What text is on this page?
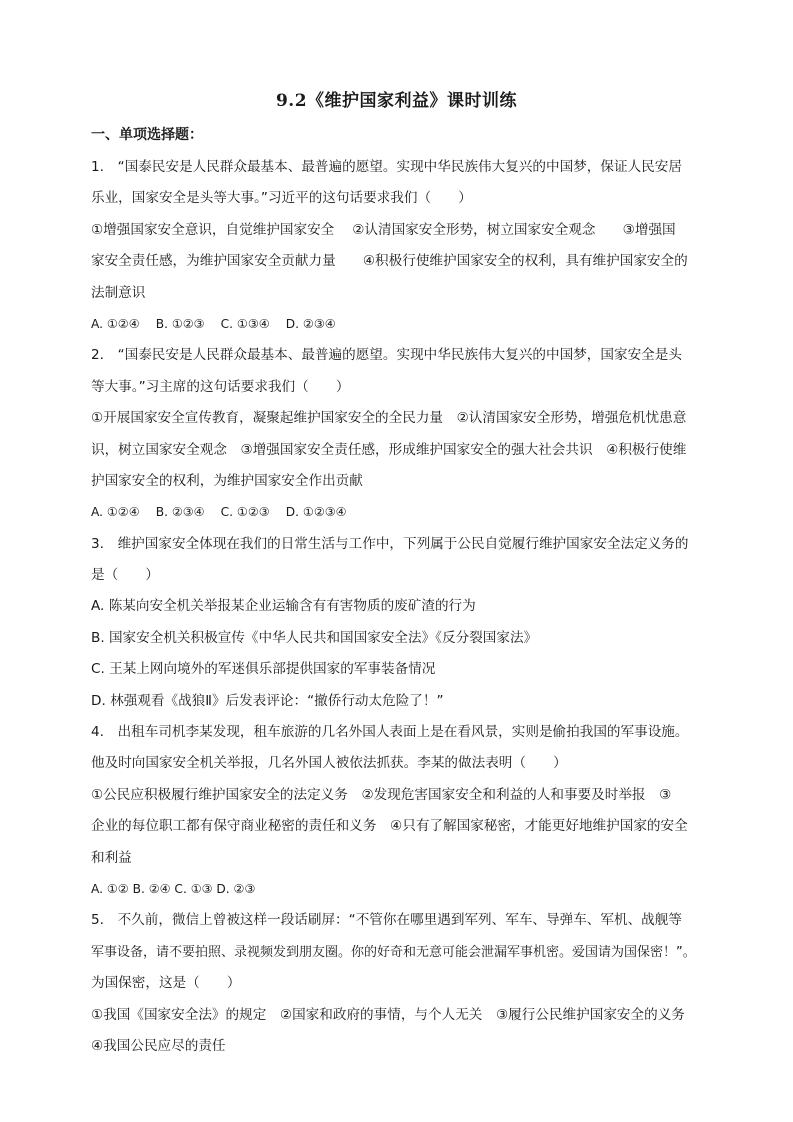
9.2《维护国家利益》课时训练
一、单项选择题：
1.　“国泰民安是人民群众最基本、最普遍的愿望。实现中华民族伟大复兴的中国梦，保证人民安居
乐业，国家安全是头等大事。”习近平的这句话要求我们（　　）
①增强国家安全意识，自觉维护国家安全　 ②认清国家安全形势，树立国家安全观念　　③增强国
家安全责任感，为维护国家安全贡献力量　　④积极行使维护国家安全的权利，具有维护国家安全的
法制意识
A. ①②④　 B. ①②③　 C. ①③④　 D. ②③④
2.　“国泰民安是人民群众最基本、最普遍的愿望。实现中华民族伟大复兴的中国梦，国家安全是头
等大事。”习主席的这句话要求我们（　　）
①开展国家安全宣传教育，凝聚起维护国家安全的全民力量　②认清国家安全形势，增强危机忧患意
识，树立国家安全观念　③增强国家安全责任感，形成维护国家安全的强大社会共识　④积极行使维
护国家安全的权利，为维护国家安全作出贡献
A. ①②④　 B. ②③④　 C. ①②③　 D. ①②③④
3.　维护国家安全体现在我们的日常生活与工作中，下列属于公民自觉履行维护国家安全法定义务的
是（　　）
A. 陈某向安全机关举报某企业运输含有有害物质的废矿渣的行为
B. 国家安全机关积极宣传《中华人民共和国国家安全法》《反分裂国家法》
C. 王某上网向境外的军迷俱乐部提供国家的军事装备情况
D. 林强观看《战狼Ⅱ》后发表评论：“撤侨行动太危险了！”
4.　出租车司机李某发现，租车旅游的几名外国人表面上是在看风景，实则是偷拍我国的军事设施。
他及时向国家安全机关举报，几名外国人被依法抓获。李某的做法表明（　　）
①公民应积极履行维护国家安全的法定义务　②发现危害国家安全和利益的人和事要及时举报　③
企业的每位职工都有保守商业秘密的责任和义务　④只有了解国家秘密，才能更好地维护国家的安全
和利益
A. ①② B. ②④ C. ①③ D. ②③
5.　不久前，微信上曾被这样一段话刷屏：“不管你在哪里遇到军列、军车、导弹车、军机、战舰等
军事设备，请不要拍照、录视频发到朋友圈。你的好奇和无意可能会泄漏军事机密。爱国请为国保密！”。
为国保密，这是（　　）
①我国《国家安全法》的规定　②国家和政府的事情，与个人无关　③履行公民维护国家安全的义务
④我国公民应尽的责任
